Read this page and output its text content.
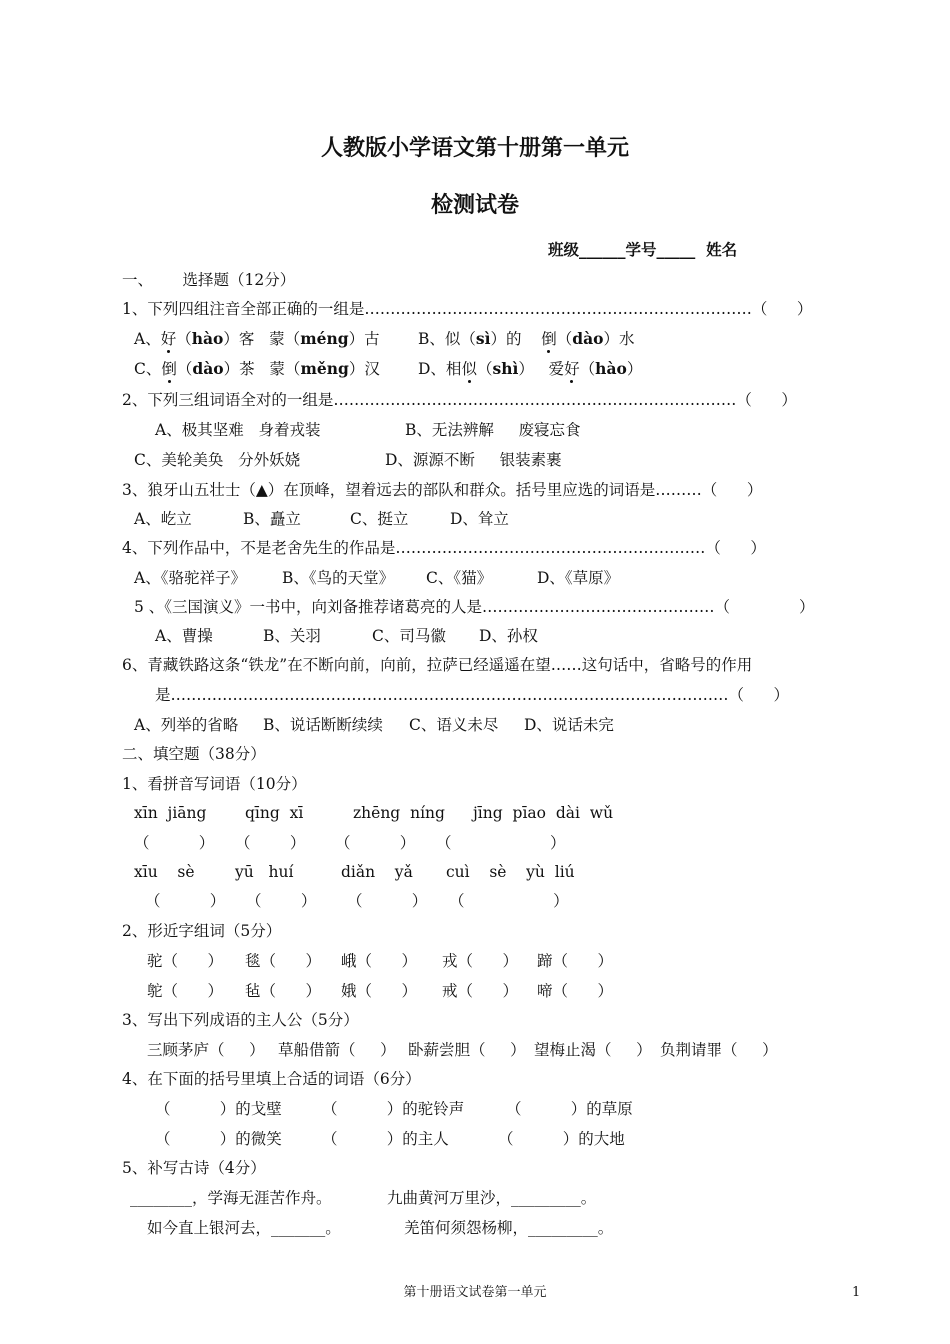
人教版小学语文第十册第一单元
检测试卷
班级______学号_____ 姓名
一、      选择题（12分）
1、下列四组注音全部正确的一组是…………………………………………………………………（      ）
A、好（hào）客   蒙（méng）古 B、似（sì）的    倒（dào）水
C、倒（dào）茶   蒙（měng）汉 D、相似（shì）   爱好（hào）
2、下列三组词语全对的一组是……………………………………………………………………（      ）
A、极其坚难   身着戎装	B、无法辨解     废寝忘食
C、美轮美奂   分外妖娆	D、源源不断     银装素裹
3、狼牙山五壮士（▲）在顶峰，望着远去的部队和群众。括号里应选的词语是………（      ）
A、屹立	B、矗立	C、挺立	D、耸立
4、下列作品中，不是老舍先生的作品是……………………………………………………（      ）
A、《骆驼祥子》 B、《鸟的天堂》 C、《猫》	D、《草原》
5 、《三国演义》一书中，向刘备推荐诸葛亮的人是………………………………………（              ）
A、曹操	B、关羽	C、司马徽 D、孙权
6、青藏铁路这条“铁龙”在不断向前，向前，拉萨已经遥遥在望……这句话中，省略号的作用
是………………………………………………………………………………………………（      ）
A、列举的省略 B、说话断断续续 C、语义未尽 D、说话未完
二、填空题（38分）
1、看拼音写词语（10分）
xīn  jiāng qīng  xī	zhēng  níng jīng  pīao  dài  wǔ
（          ） （        ） （          ） （                    ）
xīu    sè	yū   huí	diǎn    yǎ cuì    sè    yù  liú
（          ） （        ） （          ） （                  ）
2、形近字组词（5分）
驼（      ） 毯（      ） 峨（      ） 戎（      ） 蹄（      ）
鸵（      ） 毡（      ） 娥（      ） 戒（      ） 啼（      ）
3、写出下列成语的主人公（5分）
三顾茅庐（     ） 草船借箭（     ） 卧薪尝胆（     ） 望梅止渴（     ） 负荆请罪（     ）
4、在下面的括号里填上合适的词语（6分）
（          ）的戈壁	（          ）的驼铃声	（          ）的草原
（          ）的微笑	（          ）的主人	（          ）的大地
5、补写古诗（4分）
________，学海无涯苦作舟。	九曲黄河万里沙，_________。
如今直上银河去，_______。	羌笛何须怨杨柳，_________。
第十册语文试卷第一单元	1
